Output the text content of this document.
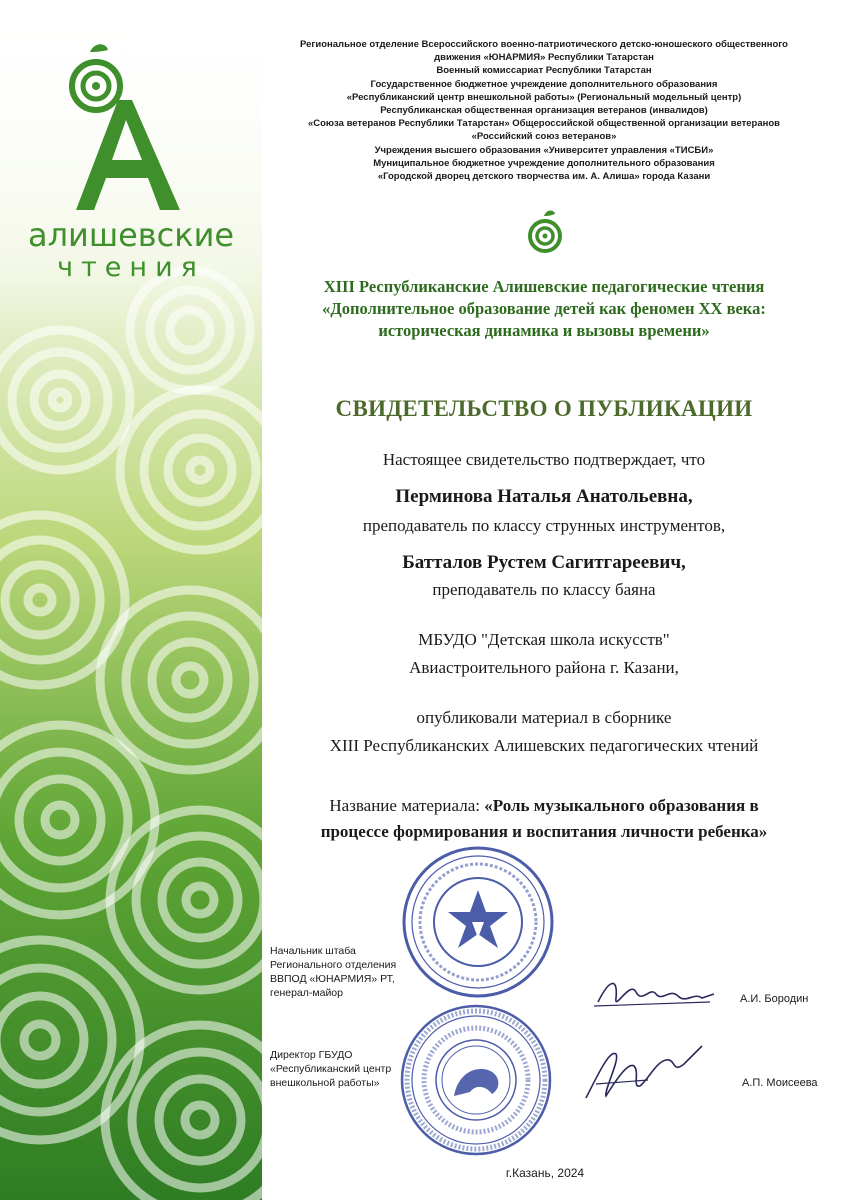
алишевские
чтения
Региональное отделение Всероссийского военно-патриотического детско-юношеского общественного
движения «ЮНАРМИЯ» Республики Татарстан
Военный комиссариат Республики Татарстан
Государственное бюджетное учреждение дополнительного образования
«Республиканский центр внешкольной работы» (Региональный модельный центр)
Республиканская общественная организация ветеранов (инвалидов)
«Союза ветеранов Республики Татарстан» Общероссийской общественной организации ветеранов
«Российский союз ветеранов»
Учреждения высшего образования «Университет управления «ТИСБИ»
Муниципальное бюджетное учреждение дополнительного образования
«Городской дворец детского творчества им. А. Алиша» города Казани
XIII Республиканские Алишевские педагогические чтения
«Дополнительное образование детей как феномен XX века:
историческая динамика и вызовы времени»
СВИДЕТЕЛЬСТВО О ПУБЛИКАЦИИ
Настоящее свидетельство подтверждает, что
Перминова Наталья Анатольевна,
преподаватель по классу струнных инструментов,
Батталов Рустем Сагитгареевич,
преподаватель по классу баяна
МБУДО "Детская школа искусств"
Авиастроительного района г. Казани,
опубликовали материал в сборнике
XIII Республиканских Алишевских педагогических чтений
Название материала: «Роль музыкального образования в
процессе формирования и воспитания личности ребенка»
Начальник штаба
Регионального отделения
ВВПОД «ЮНАРМИЯ» РТ,
генерал-майор	А.И. Бородин
Директор ГБУДО
«Республиканский центр
внешкольной работы»	А.П. Моисеева
г.Казань, 2024
